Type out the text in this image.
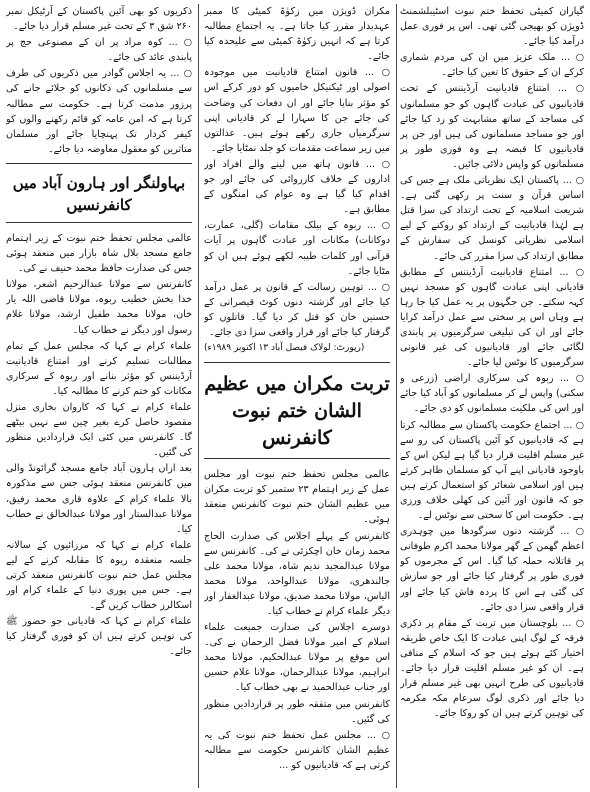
گیاران کمیٹی تحفظ ختم نبوت اسٹیبلشمنٹ ڈویژن کو بھیجی گئی تھی۔ اس پر فوری عمل درآمد کیا جائے۔

○ ... ملک عزیز میں ان کی مردم شماری کرکے ان کے حقوق کا تعین کیا جائے۔

○ ... امتناع قادیانیت آرڈیننس کے تحت قادیانیوں کی عبادت گاہوں کو جو مسلمانوں کی مساجد کے ساتھ مشابہت کو رد کیا جائے اور جو مساجد مسلمانوں کی ہیں اور جن پر قادیانیوں کا قبضہ ہے وہ فوری طور پر مسلمانوں کو واپس دلائی جائیں۔

○ ... پاکستان ایک نظریاتی ملک ہے جس کی اساس قرآن و سنت پر رکھی گئی ہے۔ شریعت اسلامیہ کے تحت ارتداد کی سزا قتل ہے لہٰذا قادیانیت کے ارتداد کو روکنے کے لیے اسلامی نظریاتی کونسل کی سفارش کے مطابق ارتداد کی سزا مقرر کی جائے۔

○ ... امتناع قادیانیت آرڈیننس کے مطابق قادیانی اپنی عبادت گاہوں کو مسجد نہیں کہہ سکتے۔ جن جگہوں پر یہ عمل کیا جا رہا ہے وہاں اس پر سختی سے عمل درآمد کرایا جائے اور ان کی تبلیغی سرگرمیوں پر پابندی لگائی جائے اور قادیانیوں کی غیر قانونی سرگرمیوں کا نوٹس لیا جائے۔

○ ... ربوہ کی سرکاری اراضی (زرعی و سکنی) واپس لے کر مسلمانوں کو آباد کیا جائے اور اس کی ملکیت مسلمانوں کو دی جائے۔

○ ... اجتماع حکومت پاکستان سے مطالبہ کرتا ہے کہ قادیانیوں کو آئین پاکستان کی رو سے غیر مسلم اقلیت قرار دیا گیا ہے لیکن اس کے باوجود قادیانی اپنے آپ کو مسلمان ظاہر کرتے ہیں اور اسلامی شعائر کو استعمال کرتے ہیں جو کہ قانون اور آئین کی کھلی خلاف ورزی ہے۔ حکومت اس کا سختی سے نوٹس لے۔

○ ... گزشتہ دنوں سرگودھا میں چوہدری اعظم گھمن کے گھر مولانا محمد اکرم طوفانی پر قاتلانہ حملہ کیا گیا۔ اس کے مجرموں کو فوری طور پر گرفتار کیا جائے اور جو سازش کی گئی ہے اس کا پردہ فاش کیا جائے اور قرار واقعی سزا دی جائے۔

○ ... بلوچستان میں تربت کے مقام پر ذکری فرقہ کے لوگ اپنی عبادت کا ایک خاص طریقہ اختیار کئے ہوئے ہیں جو کہ اسلام کے منافی ہے۔ ان کو غیر مسلم اقلیت قرار دیا جائے۔ قادیانیوں کی طرح انہیں بھی غیر مسلم قرار دیا جائے اور ذکری لوگ سرعام مکہ مکرمہ کی توہین کرتے ہیں ان کو روکا جائے۔

مکران ڈویژن میں زکوٰۃ کمیٹی کا ممبر عہدیدار مقرر کیا جاتا ہے۔ یہ اجتماع مطالبہ کرتا ہے کہ انہیں زکوٰۃ کمیٹی سے علیحدہ کیا جائے۔

○ ... قانون امتناع قادیانیت میں موجودہ اصولی اور ٹیکنیکل خامیوں کو دور کرکے اس کو مؤثر بنایا جائے اور ان دفعات کی وضاحت کی جائے جن کا سہارا لے کر قادیانی اپنی سرگرمیاں جاری رکھے ہوئے ہیں۔ عدالتوں میں زیر سماعت مقدمات کو جلد نمٹایا جائے۔

○ ... قانون ہاتھ میں لینے والے افراد اور اداروں کے خلاف کارروائی کی جائے اور جو اقدام کیا گیا ہے وہ عوام کی امنگوں کے مطابق ہے۔

○ ... ربوہ کے بیلک مقامات (گلی، عمارت، دوکانات) مکانات اور عبادت گاہوں پر آیات قرآنی اور کلمات طیبہ لکھے ہوئے ہیں ان کو مٹایا جائے۔

○ ... توہین رسالت کے قانون پر عمل درآمد کیا جائے اور گزشتہ دنوں کوٹ قیصرانی کے حسنین خان کو قتل کر دیا گیا۔ قاتلوں کو گرفتار کیا جائے اور قرار واقعی سزا دی جائے۔

(رپورٹ: لولاک فیصل آباد ۱۳ اکتوبر ۱۹۸۹ء)

تربت مکران میں عظیم الشان ختم نبوت
کانفرنس

عالمی مجلس تحفظ ختم نبوت اور مجلس عمل کے زیر اہتمام ۲۳ ستمبر کو تربت مکران میں عظیم الشان ختم نبوت کانفرنس منعقد ہوئی۔

کانفرنس کے پہلے اجلاس کی صدارت الحاج محمد زمان خان اچکزئی نے کی۔ کانفرنس سے مولانا عبدالمجید ندیم شاہ، مولانا محمد علی جالندھری، مولانا عبدالواحد، مولانا محمد الیاس، مولانا محمد صدیق، مولانا عبدالغفار اور دیگر علماء کرام نے خطاب کیا۔

دوسرے اجلاس کی صدارت جمیعت علماء اسلام کے امیر مولانا فضل الرحمان نے کی۔ اس موقع پر مولانا عبدالحکیم، مولانا محمد ابراہیم، مولانا عبدالرحمان، مولانا غلام حسین اور جناب عبدالحمید نے بھی خطاب کیا۔

کانفرنس میں متفقہ طور پر قراردادیں منظور کی گئیں۔

○ ... مجلس عمل تحفظ ختم نبوت کی یہ عظیم الشان کانفرنس حکومت سے مطالبہ کرتی ہے کہ قادیانیوں کو ...

ذکریوں کو بھی آئین پاکستان کے آرٹیکل نمبر ۲۶۰ شق ۳ کے تحت غیر مسلم قرار دیا جائے۔

○ ... کوہ مراد پر ان کے مصنوعی حج پر پابندی عائد کی جائے۔

○ ... یہ اجلاس گوادر میں ذکریوں کی طرف سے مسلمانوں کی دکانوں کو جلائے جانے کی پرزور مذمت کرتا ہے۔ حکومت سے مطالبہ کرتا ہے کہ امن عامہ کو قائم رکھنے والوں کو کیفر کردار تک پہنچایا جائے اور مسلمان متاثرین کو معقول معاوضہ دیا جائے۔

بہاولنگر اور ہارون آباد میں کانفرنسیں

عالمی مجلس تحفظ ختم نبوت کے زیر اہتمام جامع مسجد بلال شاہ بازار میں منعقد ہوئی جس کی صدارت حافظ محمد حنیف نے کی۔

کانفرنس سے مولانا عبدالرحیم اشعر، مولانا خدا بخش خطیب ربوہ، مولانا قاضی اللہ یار خان، مولانا محمد طفیل ارشد، مولانا غلام رسول اور دیگر نے خطاب کیا۔

علماء کرام نے کہا کہ مجلس عمل کے تمام مطالبات تسلیم کرنے اور امتناع قادیانیت آرڈیننس کو مؤثر بنانے اور ربوہ کے سرکاری مکانات کو ختم کرنے کا مطالبہ کیا۔

علماء کرام نے کہا کہ کاروان بخاری منزل مقصود حاصل کرے بغیر چین سے نہیں بیٹھے گا۔ کانفرنس میں کئی ایک قراردادیں منظور کی گئیں۔

بعد ازاں ہارون آباد جامع مسجد گرائونڈ والی میں کانفرنس منعقد ہوئی جس سے مذکورہ بالا علماء کرام کے علاوہ قاری محمد رفیق، مولانا عبدالستار اور مولانا عبدالخالق نے خطاب کیا۔

علماء کرام نے کہا کہ مرزائیوں کے سالانہ جلسہ منعقدہ ربوہ کا مقابلہ کرنے کے لیے مجلس عمل ختم نبوت کانفرنس منعقد کرتی ہے۔ جس میں پوری دنیا کے علماء کرام اور اسکالرز خطاب کریں گے۔

علماء کرام نے کہا کہ قادیانی جو حضور ﷺ کی توہین کرتے ہیں ان کو فوری گرفتار کیا جائے۔
